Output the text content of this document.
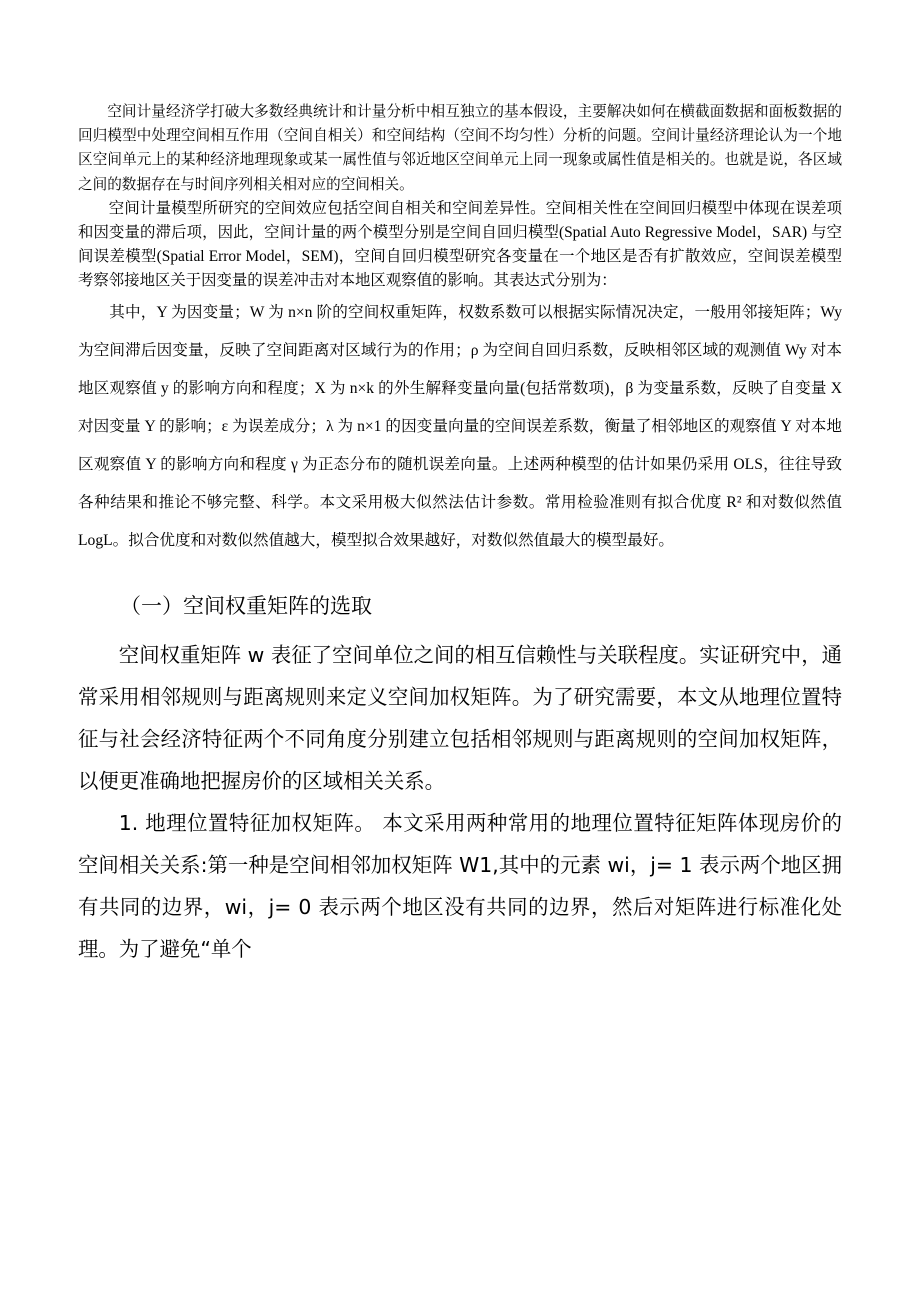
空间计量经济学打破大多数经典统计和计量分析中相互独立的基本假设，主要解决如何在横截面数据和面板数据的回归模型中处理空间相互作用（空间自相关）和空间结构（空间不均匀性）分析的问题。空间计量经济理论认为一个地区空间单元上的某种经济地理现象或某一属性值与邻近地区空间单元上同一现象或属性值是相关的。也就是说，各区域之间的数据存在与时间序列相关相对应的空间相关。

空间计量模型所研究的空间效应包括空间自相关和空间差异性。空间相关性在空间回归模型中体现在误差项和因变量的滞后项，因此，空间计量的两个模型分别是空间自回归模型(Spatial Auto Regressive Model，SAR) 与空间误差模型(Spatial Error Model，SEM)，空间自回归模型研究各变量在一个地区是否有扩散效应，空间误差模型考察邻接地区关于因变量的误差冲击对本地区观察值的影响。其表达式分别为：

其中，Y 为因变量；W 为 n×n 阶的空间权重矩阵，权数系数可以根据实际情况决定，一般用邻接矩阵；Wy 为空间滞后因变量，反映了空间距离对区域行为的作用；ρ 为空间自回归系数，反映相邻区域的观测值 Wy 对本地区观察值 y 的影响方向和程度；X 为 n×k 的外生解释变量向量(包括常数项)，β 为变量系数，反映了自变量 X 对因变量 Y 的影响；ε 为误差成分；λ 为 n×1 的因变量向量的空间误差系数，衡量了相邻地区的观察值 Y 对本地区观察值 Y 的影响方向和程度 γ 为正态分布的随机误差向量。上述两种模型的估计如果仍采用 OLS，往往导致各种结果和推论不够完整、科学。本文采用极大似然法估计参数。常用检验准则有拟合优度 R² 和对数似然值 LogL。拟合优度和对数似然值越大，模型拟合效果越好，对数似然值最大的模型最好。

（一）空间权重矩阵的选取

空间权重矩阵 w 表征了空间单位之间的相互信赖性与关联程度。实证研究中，通常采用相邻规则与距离规则来定义空间加权矩阵。为了研究需要，本文从地理位置特征与社会经济特征两个不同角度分别建立包括相邻规则与距离规则的空间加权矩阵，以便更准确地把握房价的区域相关关系。

1. 地理位置特征加权矩阵。 本文采用两种常用的地理位置特征矩阵体现房价的空间相关关系:第一种是空间相邻加权矩阵 W1,其中的元素 wi，j= 1 表示两个地区拥有共同的边界，wi，j= 0 表示两个地区没有共同的边界，然后对矩阵进行标准化处理。为了避免“单个
